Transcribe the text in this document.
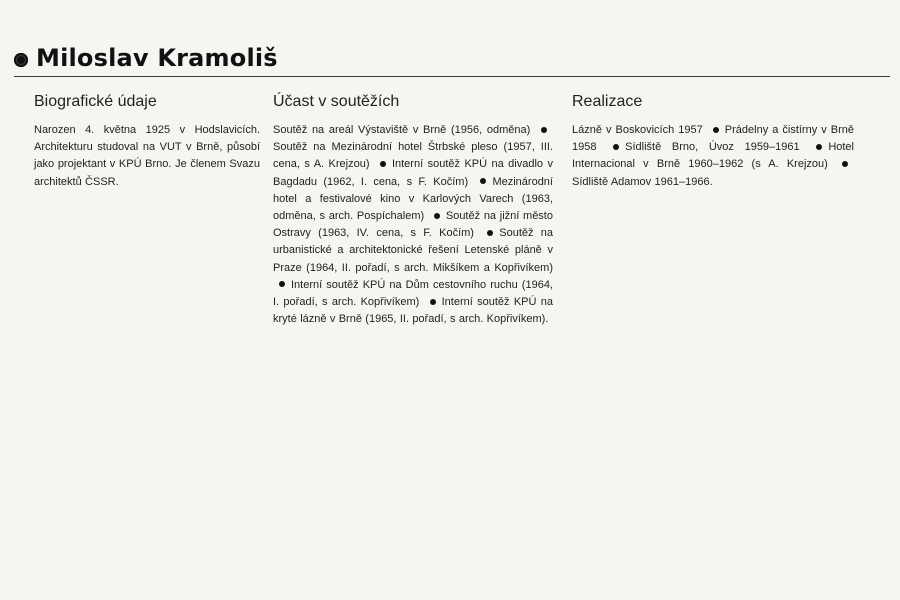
Miloslav Kramoliš
Biografické údaje
Narozen 4. května 1925 v Hodslavicích. Architekturu studoval na VUT v Brně, působí jako projektant v KPÚ Brno. Je členem Svazu architektů ČSSR.
Účast v soutěžích
Soutěž na areál Výstaviště v Brně (1956, odměna) Soutěž na Mezinárodní hotel Štrbské pleso (1957, III. cena, s A. Krejzou) Interní soutěž KPÚ na divadlo v Bagdadu (1962, I. cena, s F. Kočím) Mezinárodní hotel a festivalové kino v Karlových Varech (1963, odměna, s arch. Pospíchalem) Soutěž na jižní město Ostravy (1963, IV. cena, s F. Kočím) Soutěž na urbanistické a architektonické řešení Letenské pláně v Praze (1964, II. pořadí, s arch. Mikšíkem a Kopřivíkem) Interní soutěž KPÚ na Dům cestovního ruchu (1964, I. pořadí, s arch. Kopřivíkem) Interní soutěž KPÚ na kryté lázně v Brně (1965, II. pořadí, s arch. Kopřivíkem).
Realizace
Lázně v Boskovicích 1957 Prádelny a čistírny v Brně 1958	Sídliště Brno, Úvoz 1959–1961	Hotel Internacional v Brně 1960–1962 (s A. Krejzou) Sídliště Adamov 1961–1966.
